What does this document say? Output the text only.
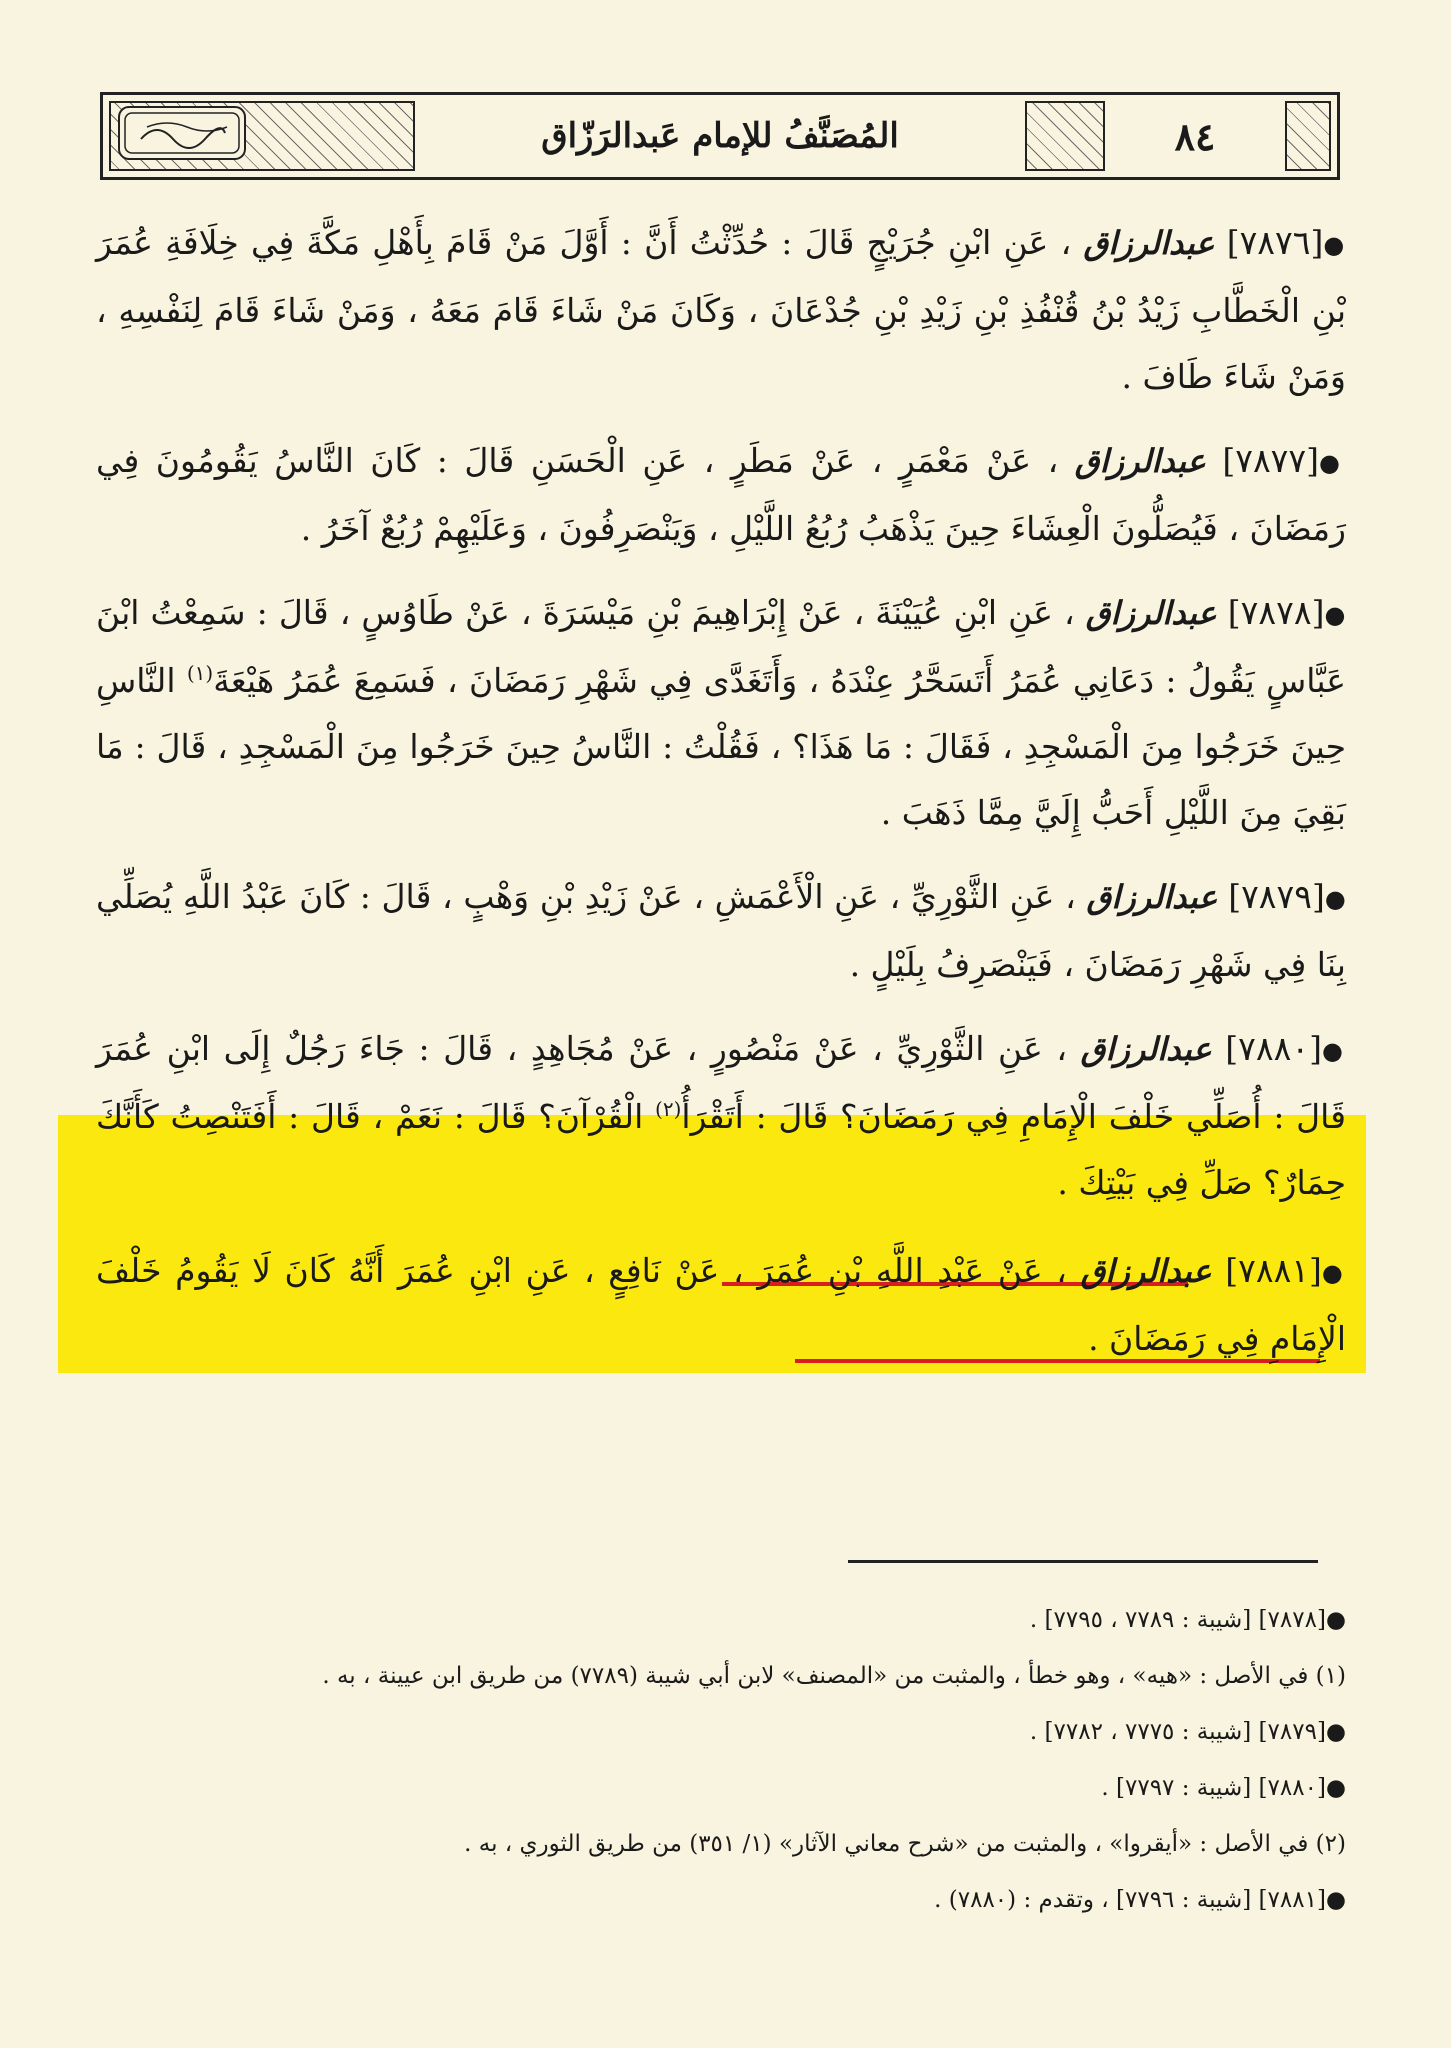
المُصَنَّفُ للإمام عَبدالرَزّاق	٨٤

●[٧٨٧٦] عبدالرزاق ، عَنِ ابْنِ جُرَيْجٍ قَالَ : حُدِّثْتُ أَنَّ : أَوَّلَ مَنْ قَامَ بِأَهْلِ مَكَّةَ فِي خِلَافَةِ عُمَرَ بْنِ الْخَطَّابِ زَيْدُ بْنُ قُنْفُذِ بْنِ زَيْدِ بْنِ جُدْعَانَ ، وَكَانَ مَنْ شَاءَ قَامَ مَعَهُ ، وَمَنْ شَاءَ قَامَ لِنَفْسِهِ ، وَمَنْ شَاءَ طَافَ .

●[٧٨٧٧] عبدالرزاق ، عَنْ مَعْمَرٍ ، عَنْ مَطَرٍ ، عَنِ الْحَسَنِ قَالَ : كَانَ النَّاسُ يَقُومُونَ فِي رَمَضَانَ ، فَيُصَلُّونَ الْعِشَاءَ حِينَ يَذْهَبُ رُبُعُ اللَّيْلِ ، وَيَنْصَرِفُونَ ، وَعَلَيْهِمْ رُبُعٌ آخَرُ .

●[٧٨٧٨] عبدالرزاق ، عَنِ ابْنِ عُيَيْنَةَ ، عَنْ إِبْرَاهِيمَ بْنِ مَيْسَرَةَ ، عَنْ طَاوُسٍ ، قَالَ : سَمِعْتُ ابْنَ عَبَّاسٍ يَقُولُ : دَعَانِي عُمَرُ أَتَسَحَّرُ عِنْدَهُ ، وَأَتَغَدَّى فِي شَهْرِ رَمَضَانَ ، فَسَمِعَ عُمَرُ هَيْعَةَ$^{(١)}$ النَّاسِ حِينَ خَرَجُوا مِنَ الْمَسْجِدِ ، فَقَالَ : مَا هَذَا؟ ، فَقُلْتُ : النَّاسُ حِينَ خَرَجُوا مِنَ الْمَسْجِدِ ، قَالَ : مَا بَقِيَ مِنَ اللَّيْلِ أَحَبُّ إِلَيَّ مِمَّا ذَهَبَ .

●[٧٨٧٩] عبدالرزاق ، عَنِ الثَّوْرِيِّ ، عَنِ الْأَعْمَشِ ، عَنْ زَيْدِ بْنِ وَهْبٍ ، قَالَ : كَانَ عَبْدُ اللَّهِ يُصَلِّي بِنَا فِي شَهْرِ رَمَضَانَ ، فَيَنْصَرِفُ بِلَيْلٍ .

●[٧٨٨٠] عبدالرزاق ، عَنِ الثَّوْرِيِّ ، عَنْ مَنْصُورٍ ، عَنْ مُجَاهِدٍ ، قَالَ : جَاءَ رَجُلٌ إِلَى ابْنِ عُمَرَ قَالَ : أُصَلِّي خَلْفَ الْإِمَامِ فِي رَمَضَانَ؟ قَالَ : أَتَقْرَأُ$^{(٢)}$ الْقُرْآنَ؟ قَالَ : نَعَمْ ، قَالَ : أَفَتَنْصِتُ كَأَنَّكَ حِمَارٌ؟ صَلِّ فِي بَيْتِكَ .

●[٧٨٨١] عبدالرزاق ، عَنْ عَبْدِ اللَّهِ بْنِ عُمَرَ ، عَنْ نَافِعٍ ، عَنِ ابْنِ عُمَرَ أَنَّهُ كَانَ لَا يَقُومُ خَلْفَ الْإِمَامِ فِي رَمَضَانَ .

●[٧٨٧٨] [شيبة : ٧٧٨٩ ، ٧٧٩٥] .
(١) في الأصل : «هيه» ، وهو خطأ ، والمثبت من «المصنف» لابن أبي شيبة (٧٧٨٩) من طريق ابن عيينة ، به .
●[٧٨٧٩] [شيبة : ٧٧٧٥ ، ٧٧٨٢] .
●[٧٨٨٠] [شيبة : ٧٧٩٧] .
(٢) في الأصل : «أيقروا» ، والمثبت من «شرح معاني الآثار» (١/ ٣٥١) من طريق الثوري ، به .
●[٧٨٨١] [شيبة : ٧٧٩٦] ، وتقدم : (٧٨٨٠) .
